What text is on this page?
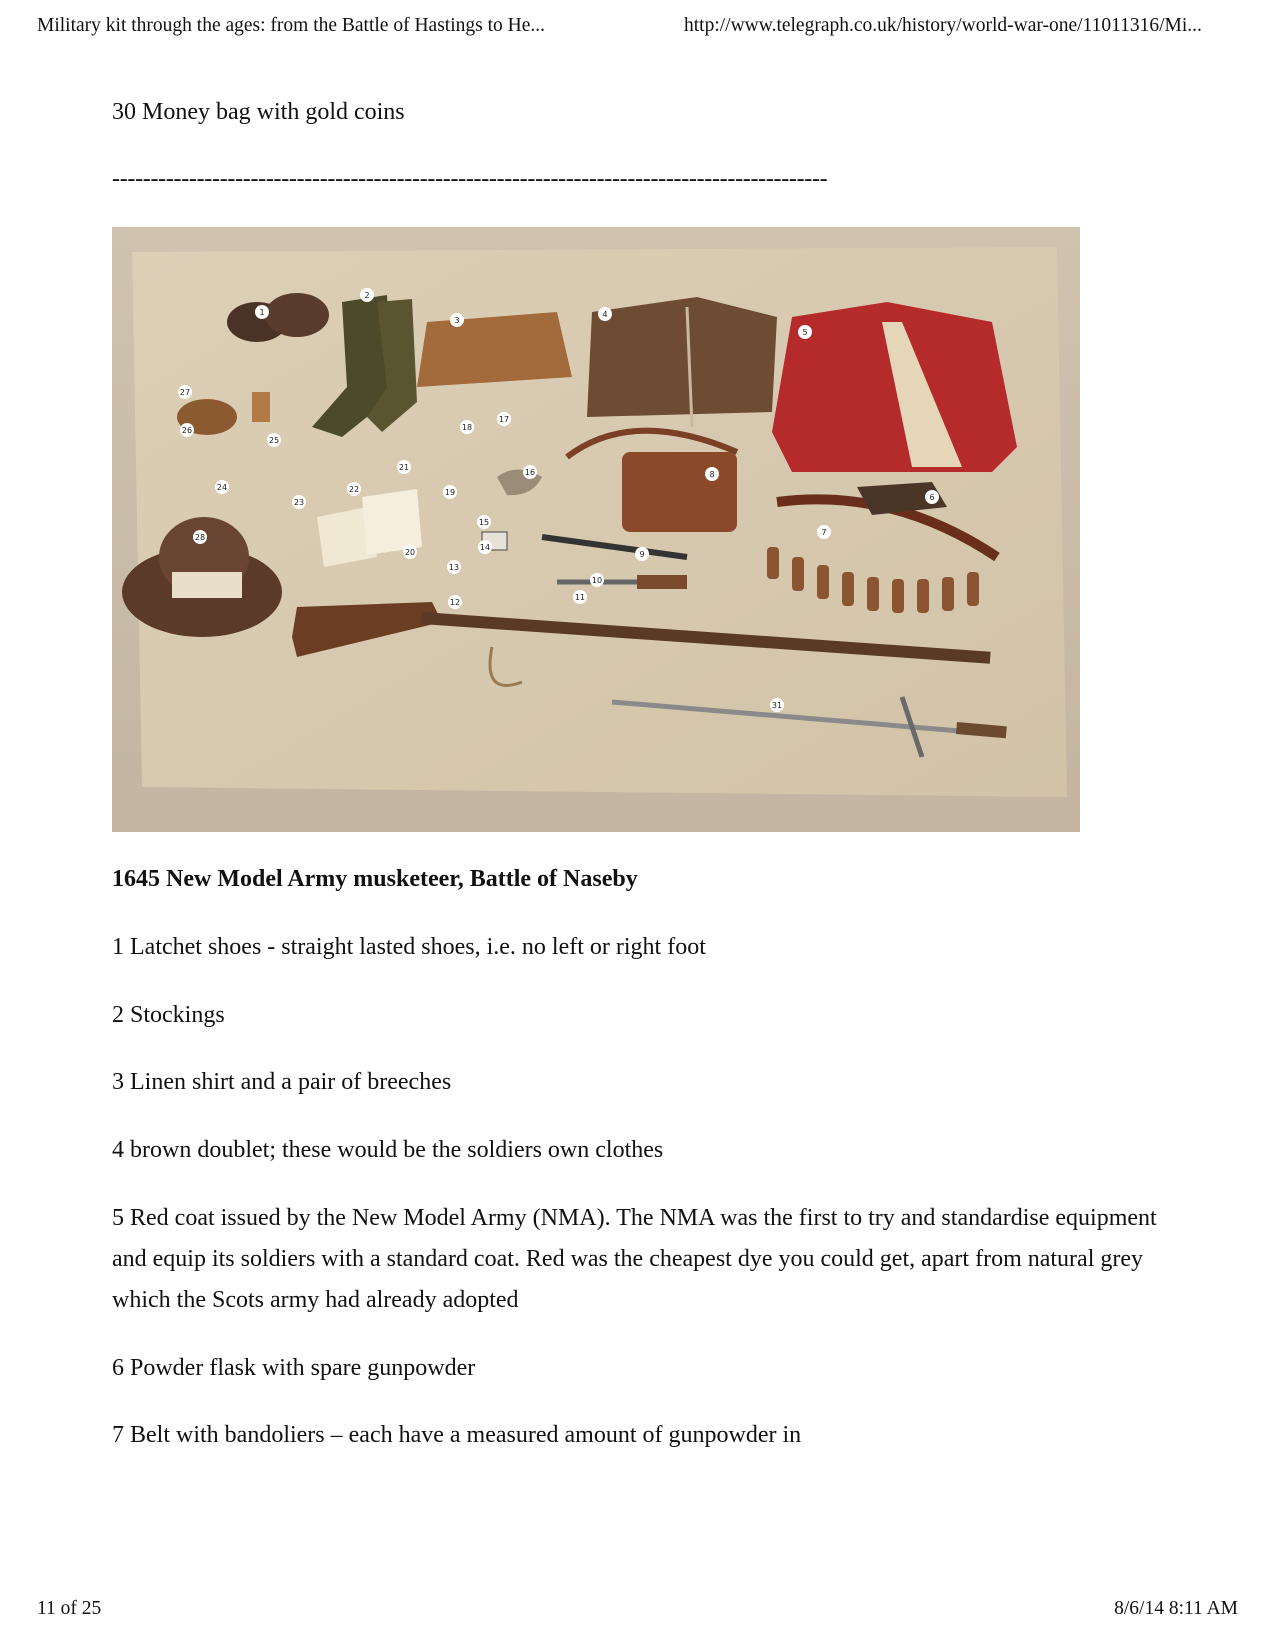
Military kit through the ages: from the Battle of Hastings to He...	http://www.telegraph.co.uk/history/world-war-one/11011316/Mi...

30 Money bag with gold coins

---------------------------------------------------------------------------------------------
1
2
3
4
5
6
7
8
9
10
11
12
13
14
15
16
17
18
19
20
21
22
23
24
25
26
27
28
31

1645 New Model Army musketeer, Battle of Naseby

1 Latchet shoes - straight lasted shoes, i.e. no left or right foot

2 Stockings

3 Linen shirt and a pair of breeches

4 brown doublet; these would be the soldiers own clothes

5 Red coat issued by the New Model Army (NMA). The NMA was the first to try and standardise equipment and equip its soldiers with a standard coat. Red was the cheapest dye you could get, apart from natural grey which the Scots army had already adopted

6 Powder flask with spare gunpowder

7 Belt with bandoliers – each have a measured amount of gunpowder in

11 of 25	8/6/14 8:11 AM
